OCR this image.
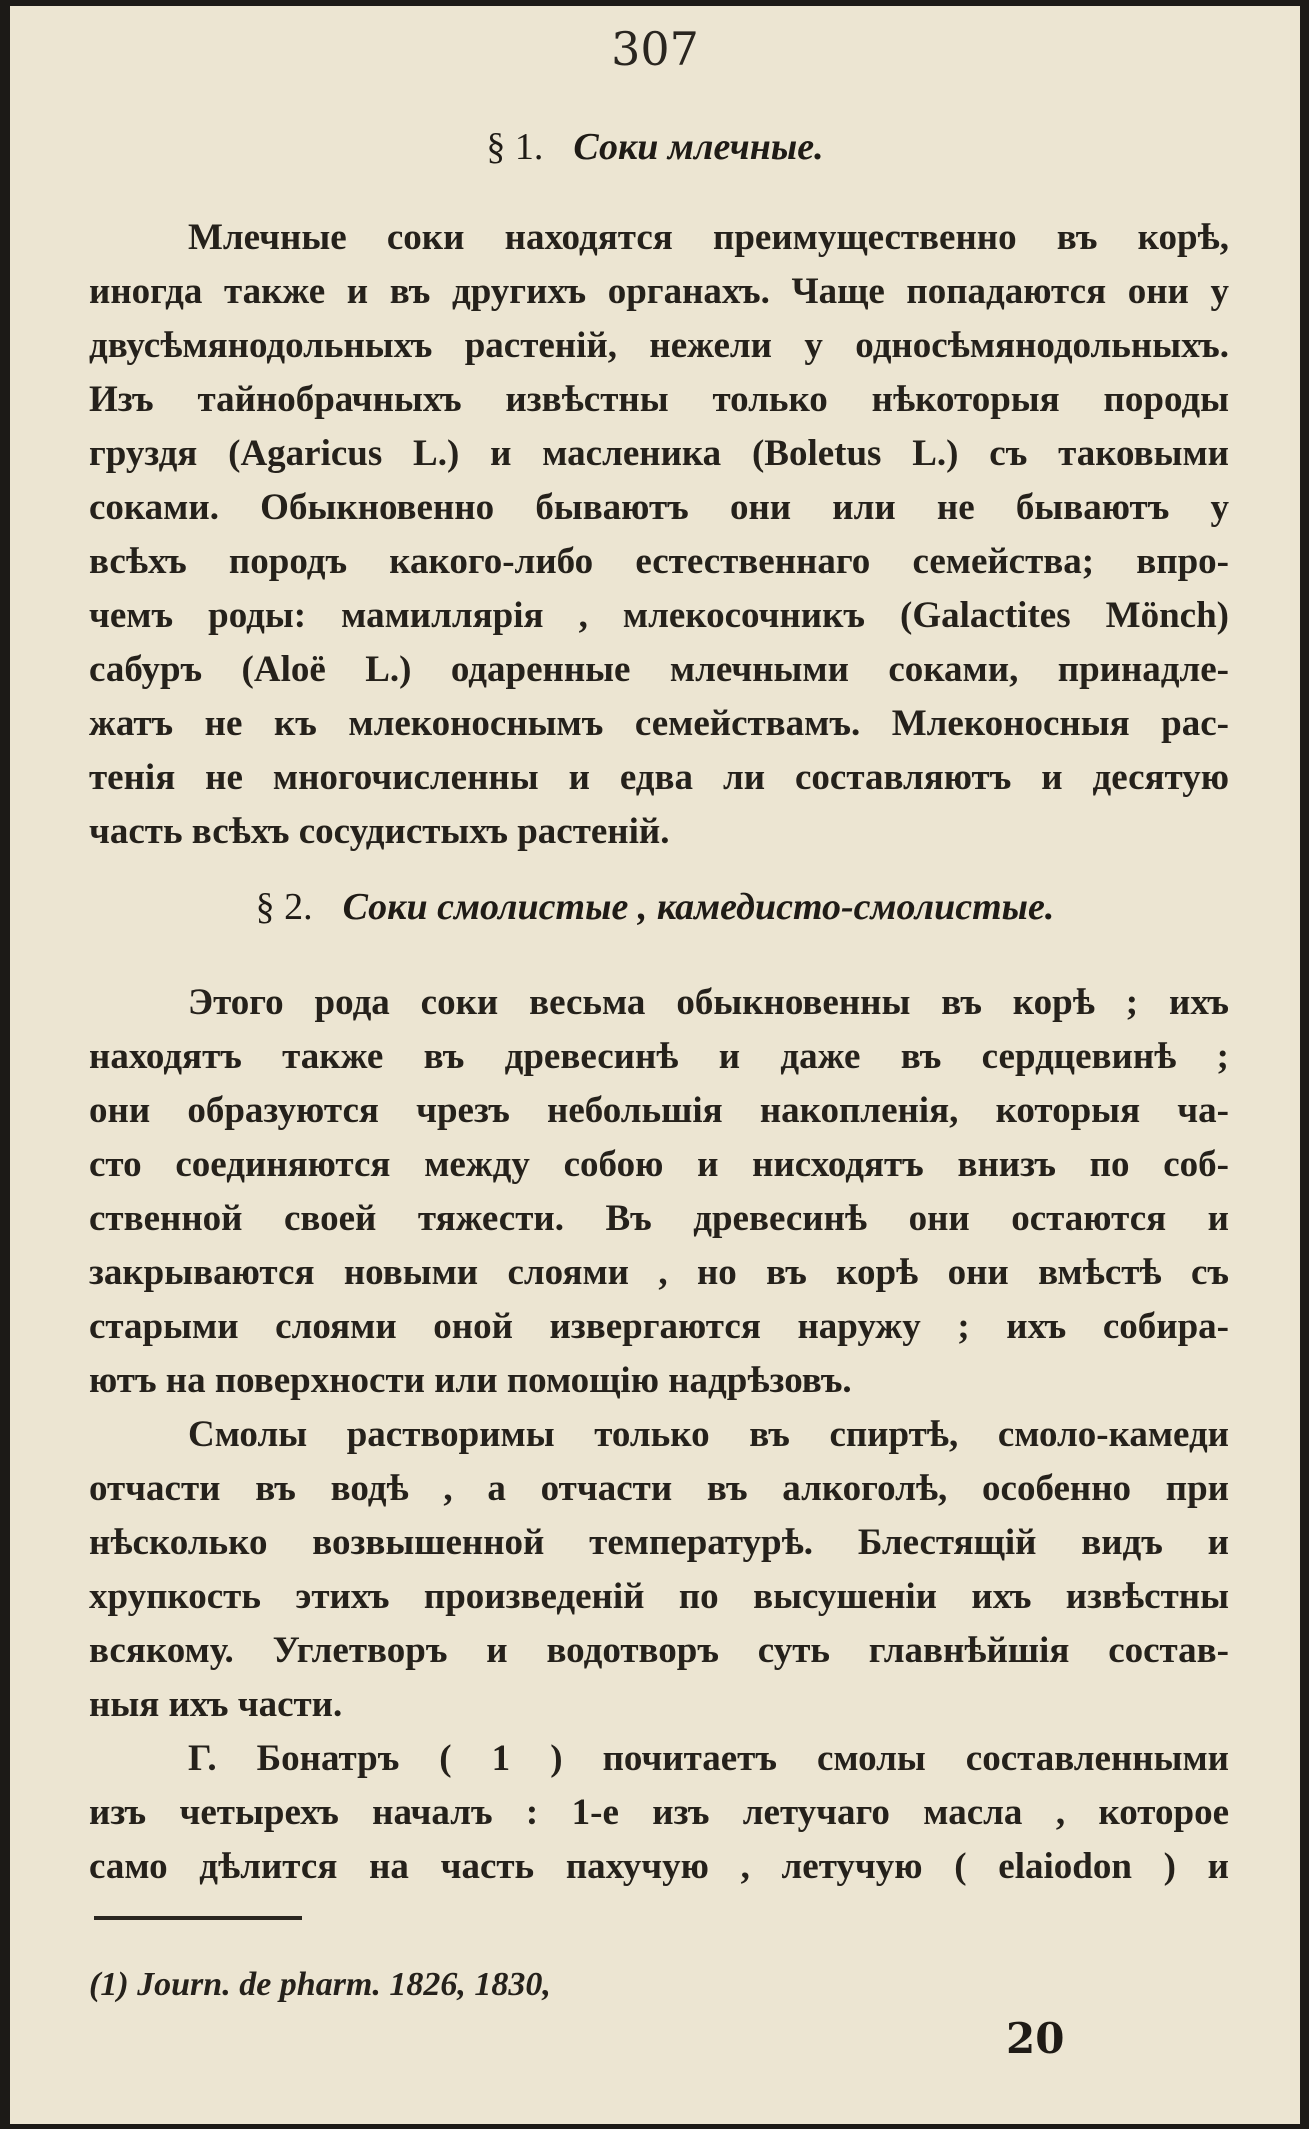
307
§ 1. Соки млечные.
Млечные соки находятся преимущественно въ корѣ,
иногда также и въ другихъ органахъ. Чаще попадаются они у
двусѣмянодольныхъ растеній, нежели у односѣмянодольныхъ.
Изъ тайнобрачныхъ извѣстны только нѣкоторыя породы
груздя (Agaricus L.) и масленика (Boletus L.) съ таковыми
соками. Обыкновенно бываютъ они или не бываютъ у
всѣхъ породъ какого-либо естественнаго семейства; впро-
чемъ роды: мамиллярія , млекосочникъ (Galactites Mönch)
сабуръ (Aloë L.) одаренные млечными соками, принадле-
жатъ не къ млеконоснымъ семействамъ. Млеконосныя рас-
тенія не многочисленны и едва ли составляютъ и десятую
часть всѣхъ сосудистыхъ растеній.
§ 2. Соки смолистые , камедисто-смолистые.
Этого рода соки весьма обыкновенны въ корѣ ; ихъ
находятъ также въ древесинѣ и даже въ сердцевинѣ ;
они образуются чрезъ небольшія накопленія, которыя ча-
сто соединяются между собою и нисходятъ внизъ по соб-
ственной своей тяжести. Въ древесинѣ они остаются и
закрываются новыми слоями , но въ корѣ они вмѣстѣ съ
старыми слоями оной извергаются наружу ; ихъ собира-
ютъ на поверхности или помощію надрѣзовъ.
Смолы растворимы только въ спиртѣ, смоло-камеди
отчасти въ водѣ , а отчасти въ алкоголѣ, особенно при
нѣсколько возвышенной температурѣ. Блестящій видъ и
хрупкость этихъ произведеній по высушеніи ихъ извѣстны
всякому. Углетворъ и водотворъ суть главнѣйшія состав-
ныя ихъ части.
Г. Бонатръ ( 1 ) почитаетъ смолы составленными
изъ четырехъ началъ : 1-е изъ летучаго масла , которое
само дѣлится на часть пахучую , летучую ( elaiodon ) и
(1) Journ. de pharm. 1826, 1830,
20
